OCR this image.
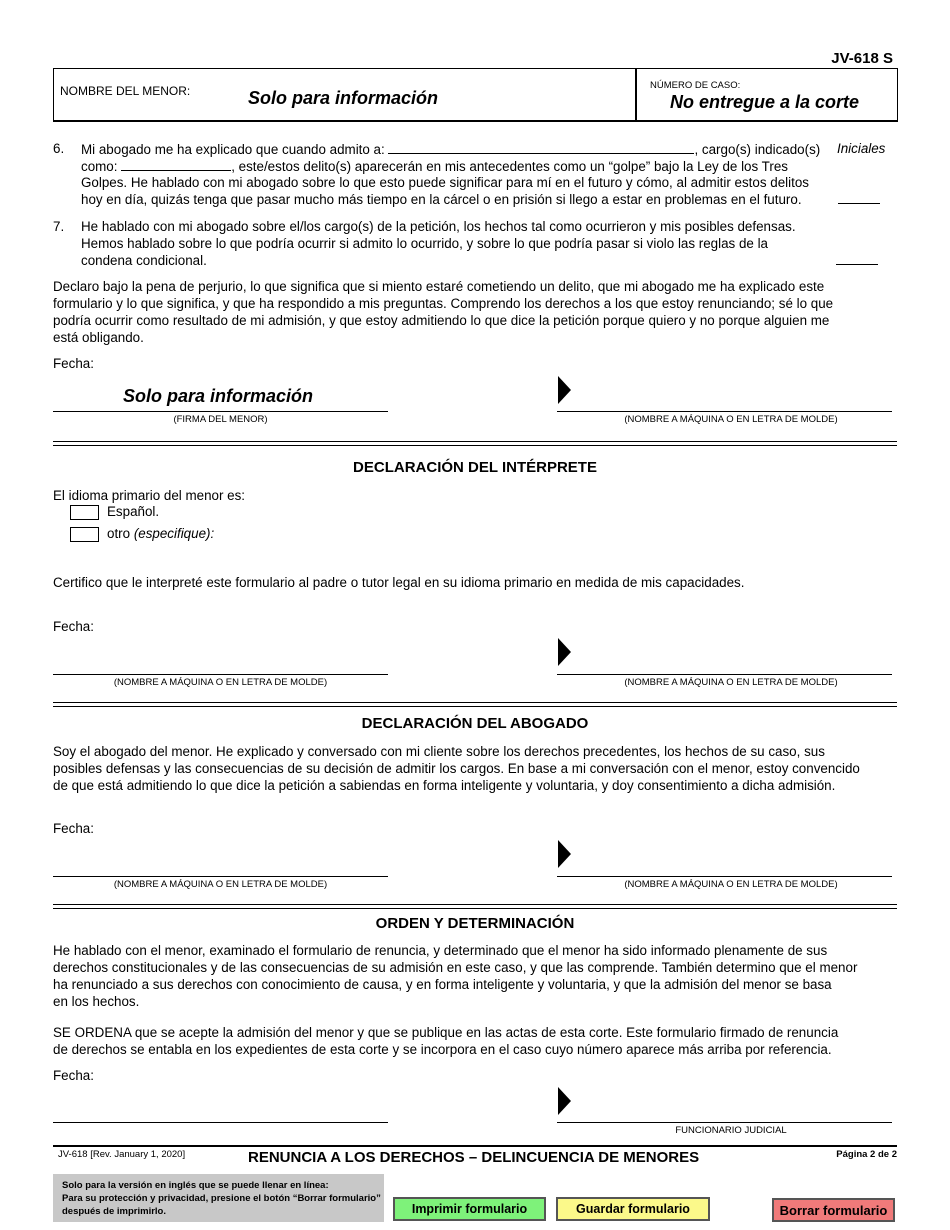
JV-618 S
NOMBRE DEL MENOR:	Solo para información
NÚMERO DE CASO:
No entregue a la corte
Iniciales
6. Mi abogado me ha explicado que cuando admito a:	, cargo(s) indicado(s)
como:	, este/estos delito(s) aparecerán en mis antecedentes como un “golpe” bajo la Ley de los Tres
Golpes. He hablado con mi abogado sobre lo que esto puede significar para mí en el futuro y cómo, al admitir estos delitos
hoy en día, quizás tenga que pasar mucho más tiempo en la cárcel o en prisión si llego a estar en problemas en el futuro.
7. He hablado con mi abogado sobre el/los cargo(s) de la petición, los hechos tal como ocurrieron y mis posibles defensas.
Hemos hablado sobre lo que podría ocurrir si admito lo ocurrido, y sobre lo que podría pasar si violo las reglas de la
condena condicional.
Declaro bajo la pena de perjurio, lo que significa que si miento estaré cometiendo un delito, que mi abogado me ha explicado este
formulario y lo que significa, y que ha respondido a mis preguntas. Comprendo los derechos a los que estoy renunciando; sé lo que
podría ocurrir como resultado de mi admisión, y que estoy admitiendo lo que dice la petición porque quiero y no porque alguien me
está obligando.
Fecha:
Solo para información
(FIRMA DEL MENOR)	(NOMBRE A MÁQUINA O EN LETRA DE MOLDE)
DECLARACIÓN DEL INTÉRPRETE
El idioma primario del menor es:
Español.
otro (especifique):
Certifico que le interpreté este formulario al padre o tutor legal en su idioma primario en medida de mis capacidades.
Fecha:
(NOMBRE A MÁQUINA O EN LETRA DE MOLDE)	(NOMBRE A MÁQUINA O EN LETRA DE MOLDE)
DECLARACIÓN DEL ABOGADO
Soy el abogado del menor. He explicado y conversado con mi cliente sobre los derechos precedentes, los hechos de su caso, sus
posibles defensas y las consecuencias de su decisión de admitir los cargos. En base a mi conversación con el menor, estoy convencido
de que está admitiendo lo que dice la petición a sabiendas en forma inteligente y voluntaria, y doy consentimiento a dicha admisión.
Fecha:
(NOMBRE A MÁQUINA O EN LETRA DE MOLDE)	(NOMBRE A MÁQUINA O EN LETRA DE MOLDE)
ORDEN Y DETERMINACIÓN
He hablado con el menor, examinado el formulario de renuncia, y determinado que el menor ha sido informado plenamente de sus
derechos constitucionales y de las consecuencias de su admisión en este caso, y que las comprende. También determino que el menor
ha renunciado a sus derechos con conocimiento de causa, y en forma inteligente y voluntaria, y que la admisión del menor se basa
en los hechos.
SE ORDENA que se acepte la admisión del menor y que se publique en las actas de esta corte. Este formulario firmado de renuncia
de derechos se entabla en los expedientes de esta corte y se incorpora en el caso cuyo número aparece más arriba por referencia.
Fecha:
FUNCIONARIO JUDICIAL
JV-618 [Rev. January 1, 2020]	RENUNCIA A LOS DERECHOS – DELINCUENCIA DE MENORES	Página 2 de 2
Solo para la versión en inglés que se puede llenar en línea:
Para su protección y privacidad, presione el botón “Borrar formulario”
después de imprimirlo.	Imprimir formulario	Guardar formulario	Borrar formulario
